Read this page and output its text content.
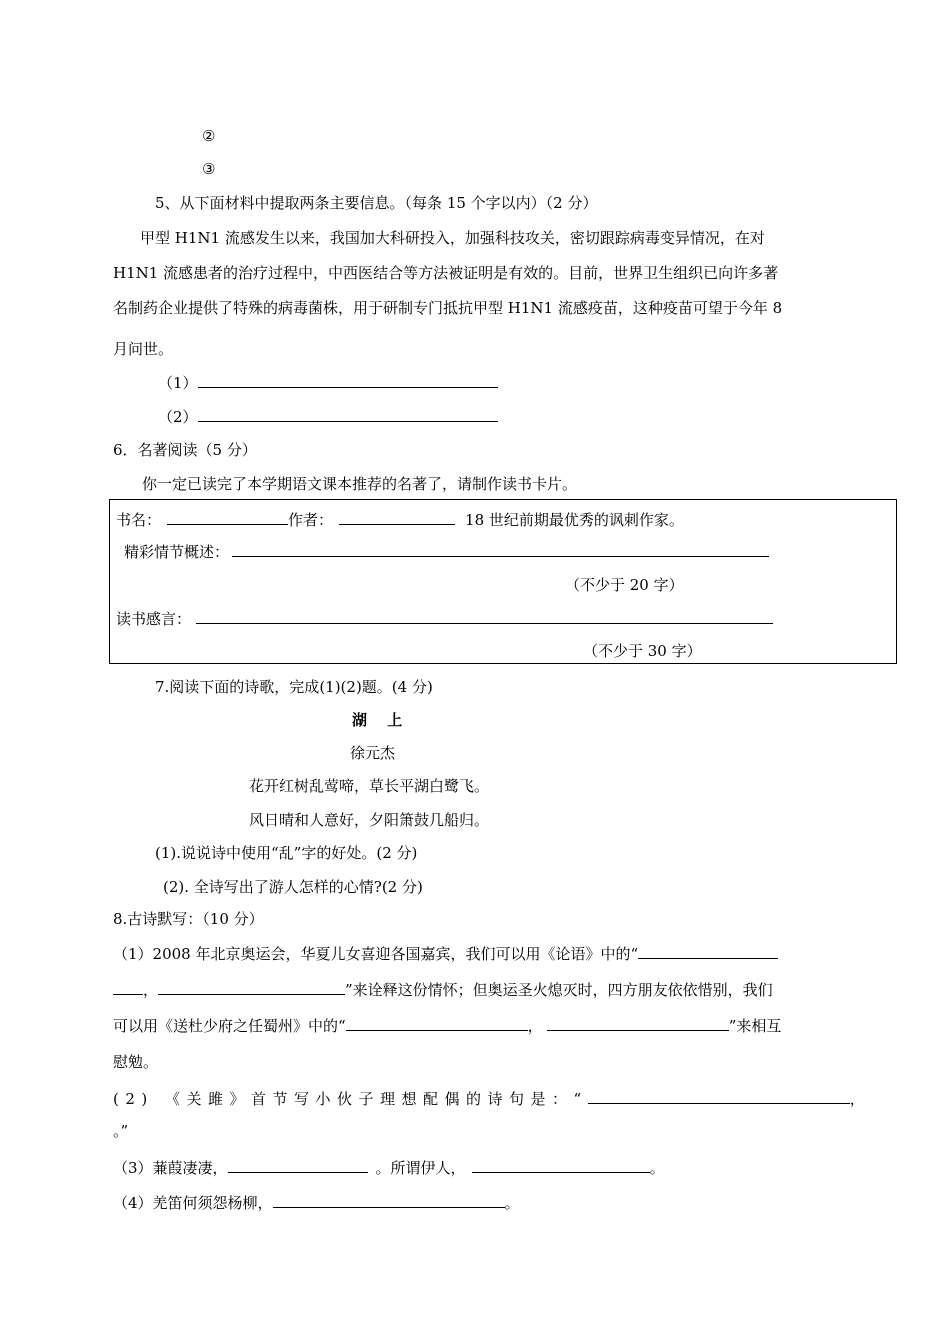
②
③
5、从下面材料中提取两条主要信息。（每条 15 个字以内）（2 分）
甲型 H1N1 流感发生以来，我国加大科研投入，加强科技攻关，密切跟踪病毒变异情况，在对
H1N1 流感患者的治疗过程中，中西医结合等方法被证明是有效的。目前，世界卫生组织已向许多著
名制药企业提供了特殊的病毒菌株，用于研制专门抵抗甲型 H1N1 流感疫苗，这种疫苗可望于今年 8
月问世。
（1）
（2）
6．名著阅读（5 分）
你一定已读完了本学期语文课本推荐的名著了，请制作读书卡片。
书名：	作者：	18 世纪前期最优秀的讽刺作家。
精彩情节概述：
（不少于 20 字）
读书感言：
（不少于 30 字）
7.阅读下面的诗歌，完成(1)(2)题。(4 分)
湖　 上
徐元杰
花开红树乱莺啼，草长平湖白鹭飞。
风日晴和人意好，夕阳箫鼓几船归。
(1).说说诗中使用“乱”字的好处。(2 分)
(2). 全诗写出了游人怎样的心情?(2 分)
8.古诗默写：（10 分）
（1）2008 年北京奥运会，华夏儿女喜迎各国嘉宾，我们可以用《论语》中的“
，	”来诠释这份情怀；但奥运圣火熄灭时，四方朋友依依惜别，我们
可以用《送杜少府之任蜀州》中的“	，	”来相互
慰勉。
(2) 《关雎》首节写小伙子理想配偶的诗句是：“	，
。”
（3）蒹葭凄凄，	。所谓伊人，	。
（4）羌笛何须怨杨柳，	。
